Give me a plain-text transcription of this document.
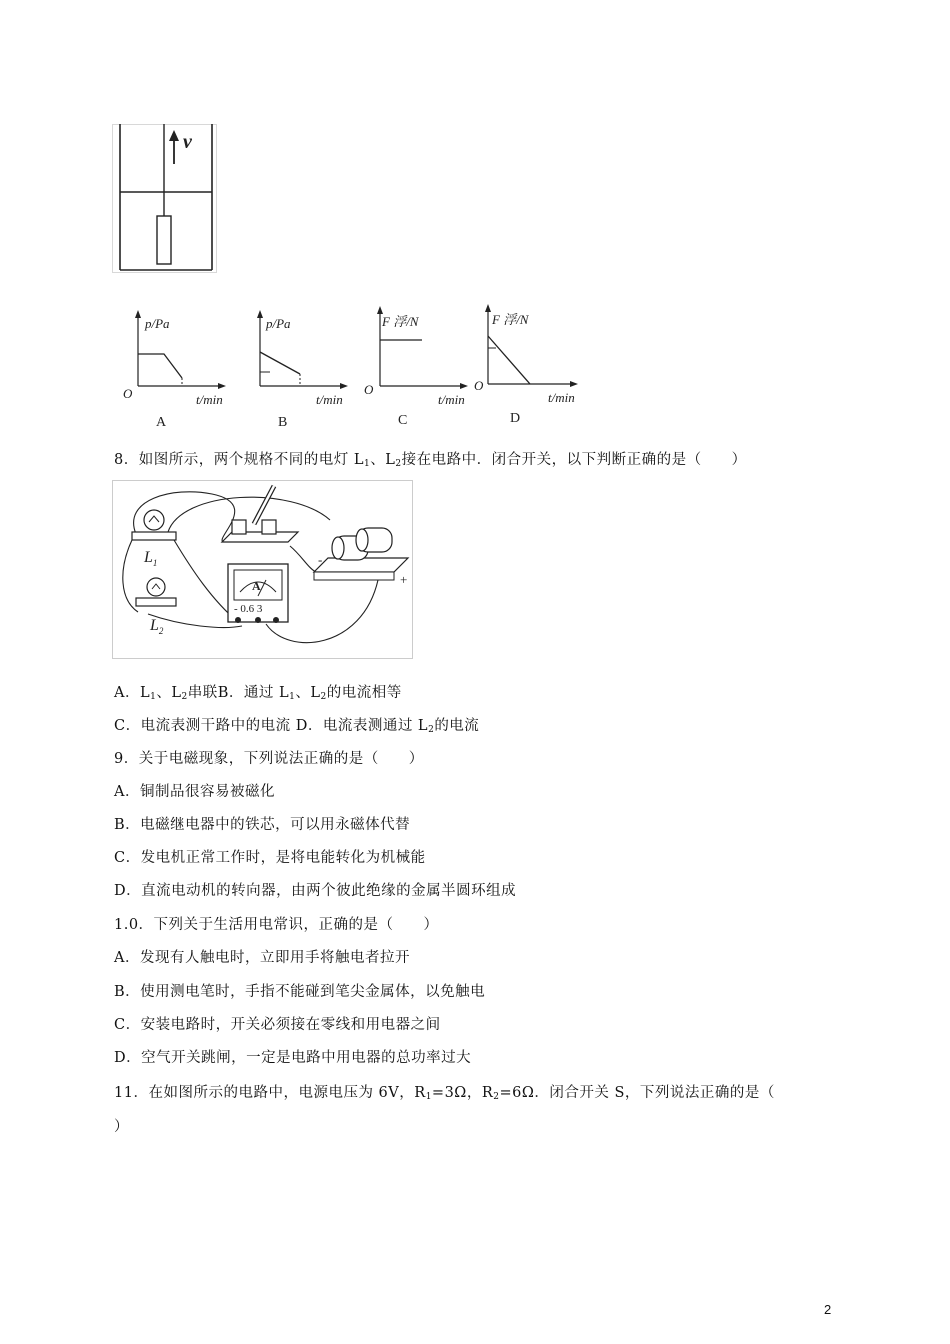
v
p/Pa
O	t/min
A
p/Pa
t/min
B
F 浮/N
O
t/min
C
F 浮/N
O
t/min
D
8．如图所示，两个规格不同的电灯 $L_1$、$L_2$接在电路中．闭合开关，以下判断正确的是（　　）
$L_1$
$L_2$
A
- 0.6 3
-
+
A．$L_1$、$L_2$串联B．通过 $L_1$、$L_2$的电流相等
C．电流表测干路中的电流 D．电流表测通过 $L_2$的电流
9．关于电磁现象，下列说法正确的是（　　）
A．铜制品很容易被磁化
B．电磁继电器中的铁芯，可以用永磁体代替
C．发电机正常工作时，是将电能转化为机械能
D．直流电动机的转向器，由两个彼此绝缘的金属半圆环组成
1.0．下列关于生活用电常识，正确的是（　　）
A．发现有人触电时，立即用手将触电者拉开
B．使用测电笔时，手指不能碰到笔尖金属体，以免触电
C．安装电路时，开关必须接在零线和用电器之间
D．空气开关跳闸，一定是电路中用电器的总功率过大
11．在如图所示的电路中，电源电压为 6V，$R_1=3\Omega$，$R_2=6\Omega$．闭合开关 S，下列说法正确的是（
）
2
